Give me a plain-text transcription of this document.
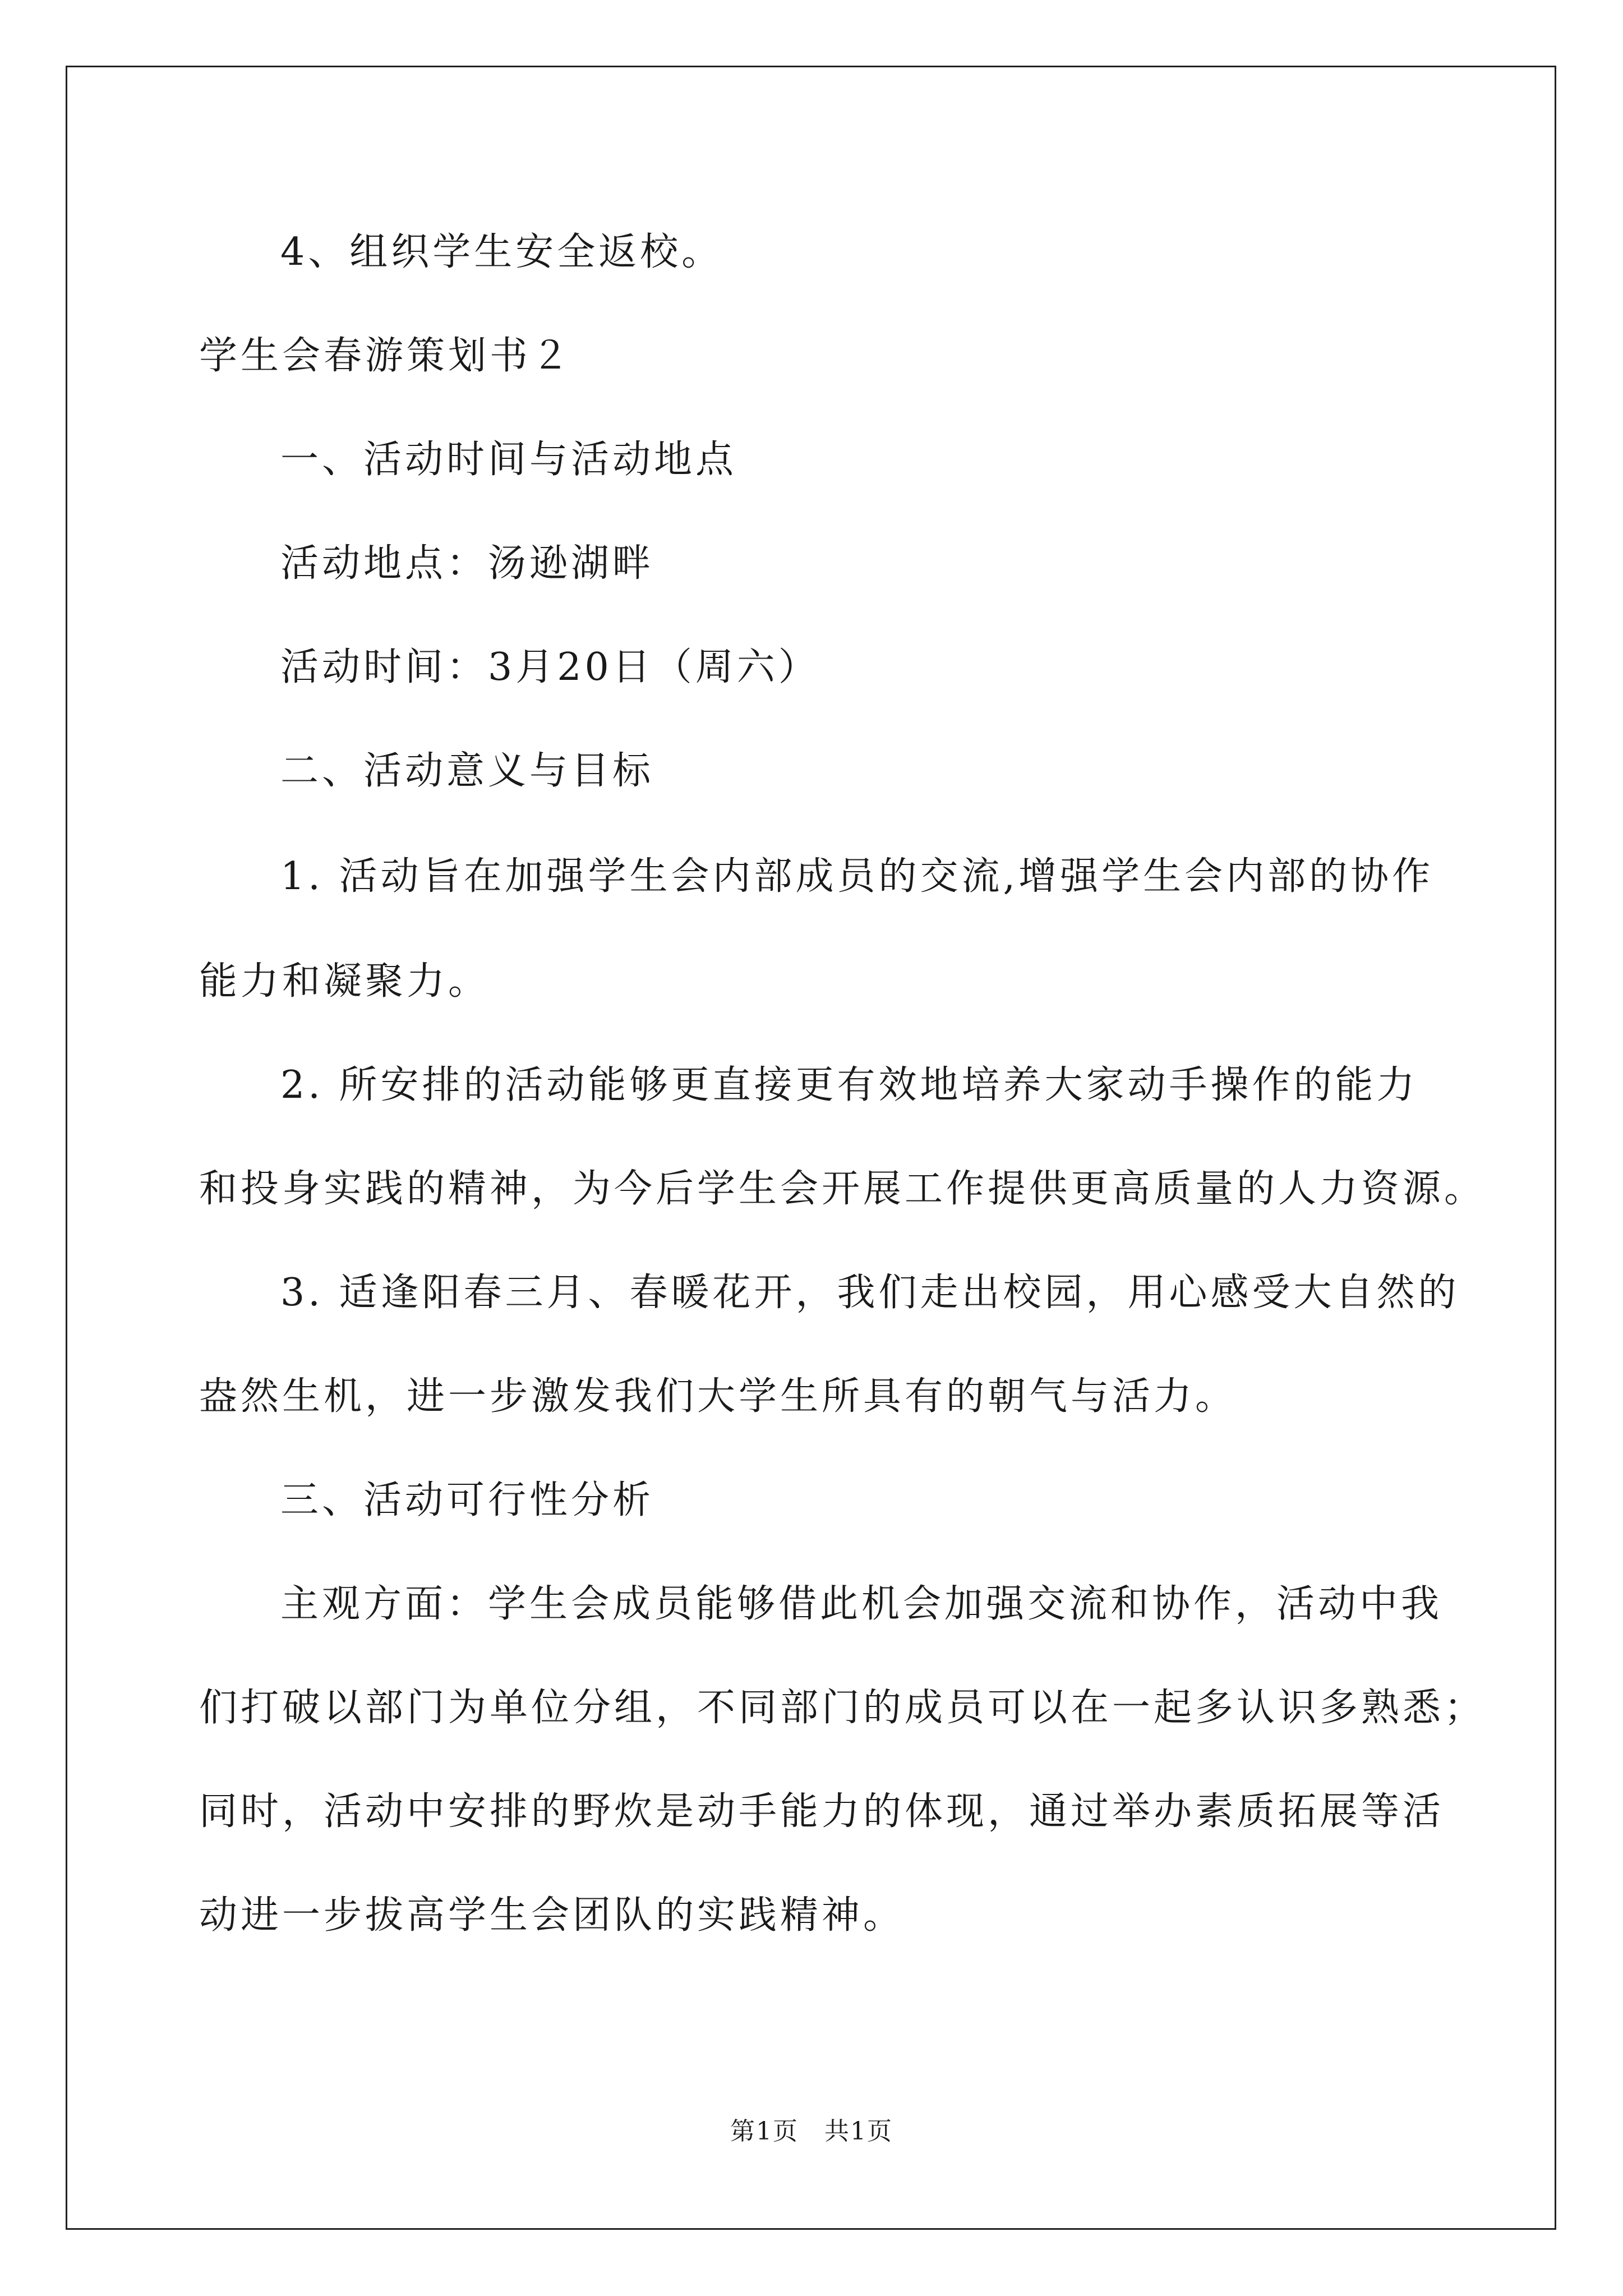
4、组织学生安全返校。
学生会春游策划书２
一、活动时间与活动地点
活动地点：汤逊湖畔
活动时间：3月20日（周六）
二、活动意义与目标
1. 活动旨在加强学生会内部成员的交流,增强学生会内部的协作
能力和凝聚力。
2. 所安排的活动能够更直接更有效地培养大家动手操作的能力
和投身实践的精神，为今后学生会开展工作提供更高质量的人力资源。
3. 适逢阳春三月、春暖花开，我们走出校园，用心感受大自然的
盎然生机，进一步激发我们大学生所具有的朝气与活力。
三、活动可行性分析
主观方面：学生会成员能够借此机会加强交流和协作，活动中我
们打破以部门为单位分组，不同部门的成员可以在一起多认识多熟悉；
同时，活动中安排的野炊是动手能力的体现，通过举办素质拓展等活
动进一步拔高学生会团队的实践精神。
第1页　共1页
